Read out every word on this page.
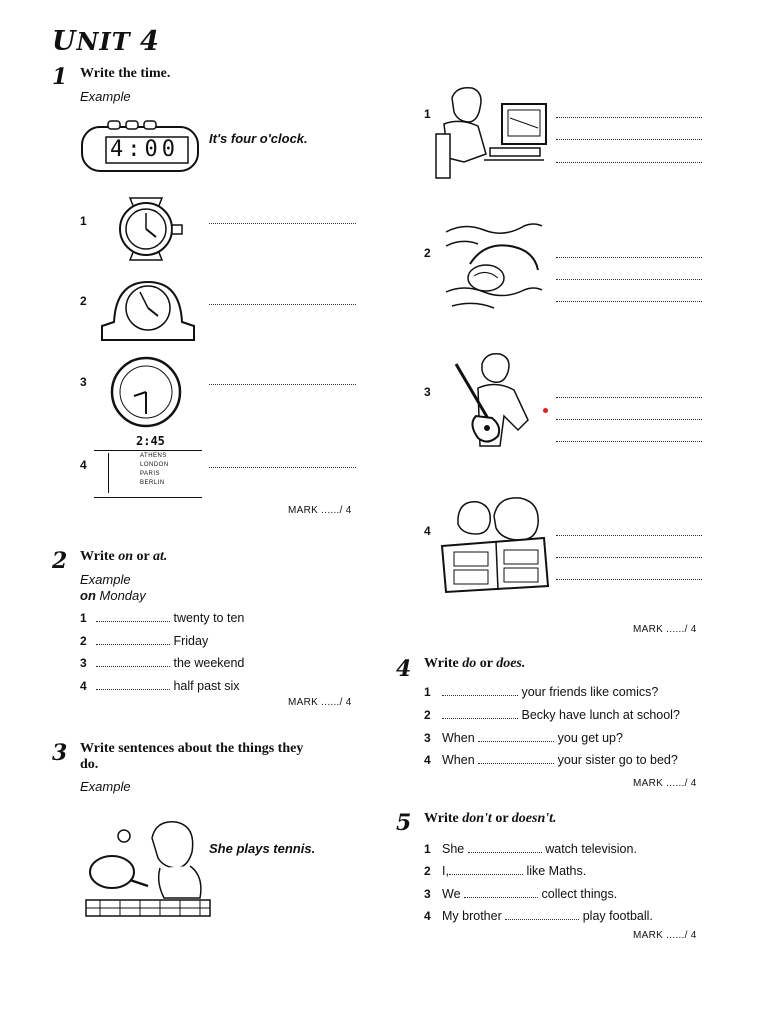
UNIT 4
1 Write the time.
Example
4:00 It's four o'clock.
1
2
3
4
2:45
ATHENS
LONDON
PARIS
BERLIN
MARK ....../ 4
2 Write on or at.
Example
on Monday
1	twenty to ten
2	Friday
3	the weekend
4	half past six
MARK ....../ 4
3 Write sentences about the things they
do.
Example
She plays tennis.
1
2
3
4
MARK ....../ 4
4 Write do or does.
1	your friends like comics?
2	Becky have lunch at school?
3 When	you get up?
4 When	your sister go to bed?
MARK ....../ 4
5 Write don't or doesn't.
1 She	watch television.
2 I,	like Maths.
3 We	collect things.
4 My brother	play football.
MARK ....../ 4
